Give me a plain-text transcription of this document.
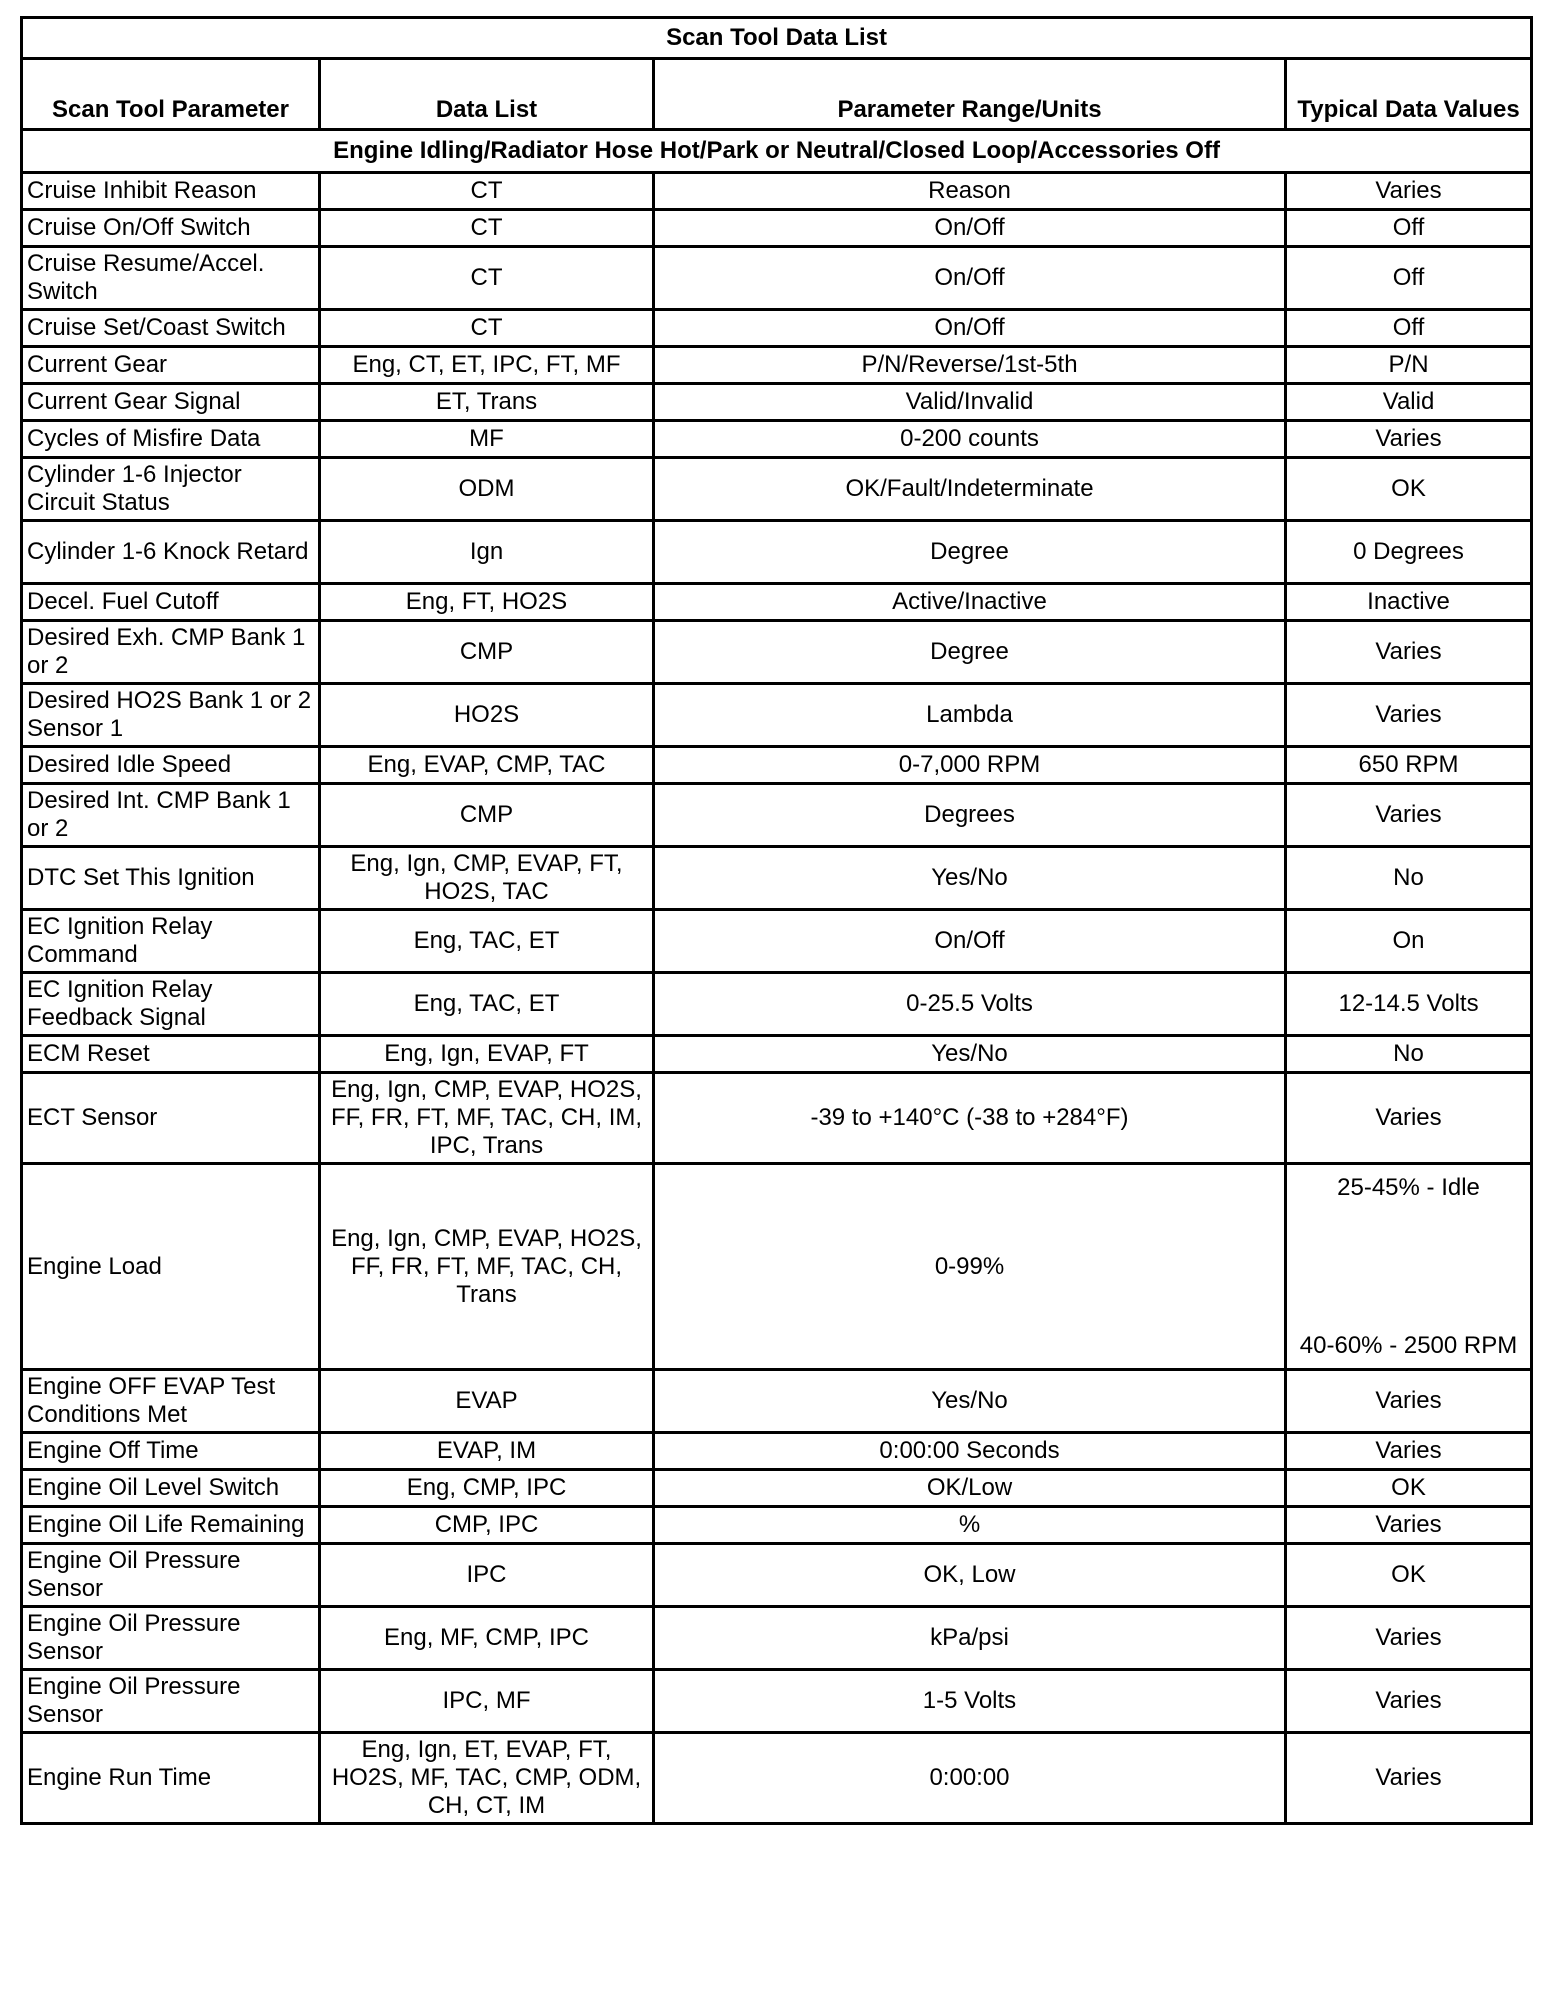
Scan Tool Data List			
Scan Tool Parameter	Data List	Parameter Range/Units	Typical Data Values
Engine Idling/Radiator Hose Hot/Park or Neutral/Closed Loop/Accessories Off			
Cruise Inhibit Reason	CT	Reason	Varies
Cruise On/Off Switch	CT	On/Off	Off
Cruise Resume/Accel. Switch	CT	On/Off	Off
Cruise Set/Coast Switch	CT	On/Off	Off
Current Gear	Eng, CT, ET, IPC, FT, MF	P/N/Reverse/1st-5th	P/N
Current Gear Signal	ET, Trans	Valid/Invalid	Valid
Cycles of Misfire Data	MF	0-200 counts	Varies
Cylinder 1-6 Injector Circuit Status	ODM	OK/Fault/Indeterminate	OK
Cylinder 1-6 Knock Retard	Ign	Degree	0 Degrees
Decel. Fuel Cutoff	Eng, FT, HO2S	Active/Inactive	Inactive
Desired Exh. CMP Bank 1 or 2	CMP	Degree	Varies
Desired HO2S Bank 1 or 2 Sensor 1	HO2S	Lambda	Varies
Desired Idle Speed	Eng, EVAP, CMP, TAC	0-7,000 RPM	650 RPM
Desired Int. CMP Bank 1 or 2	CMP	Degrees	Varies
DTC Set This Ignition	Eng, Ign, CMP, EVAP, FT, HO2S, TAC	Yes/No	No
EC Ignition Relay Command	Eng, TAC, ET	On/Off	On
EC Ignition Relay Feedback Signal	Eng, TAC, ET	0-25.5 Volts	12-14.5 Volts
ECM Reset	Eng, Ign, EVAP, FT	Yes/No	No
ECT Sensor	Eng, Ign, CMP, EVAP, HO2S, FF, FR, FT, MF, TAC, CH, IM, IPC, Trans	-39 to +140°C (-38 to +284°F)	Varies
Engine Load	Eng, Ign, CMP, EVAP, HO2S, FF, FR, FT, MF, TAC, CH, Trans	0-99%	25-45% - Idle
40-60% - 2500 RPM

Engine OFF EVAP Test Conditions Met	EVAP	Yes/No	Varies
Engine Off Time	EVAP, IM	0:00:00 Seconds	Varies
Engine Oil Level Switch	Eng, CMP, IPC	OK/Low	OK
Engine Oil Life Remaining	CMP, IPC	%	Varies
Engine Oil Pressure Sensor	IPC	OK, Low	OK
Engine Oil Pressure Sensor	Eng, MF, CMP, IPC	kPa/psi	Varies
Engine Oil Pressure Sensor	IPC, MF	1-5 Volts	Varies
Engine Run Time	Eng, Ign, ET, EVAP, FT, HO2S, MF, TAC, CMP, ODM, CH, CT, IM	0:00:00	Varies
